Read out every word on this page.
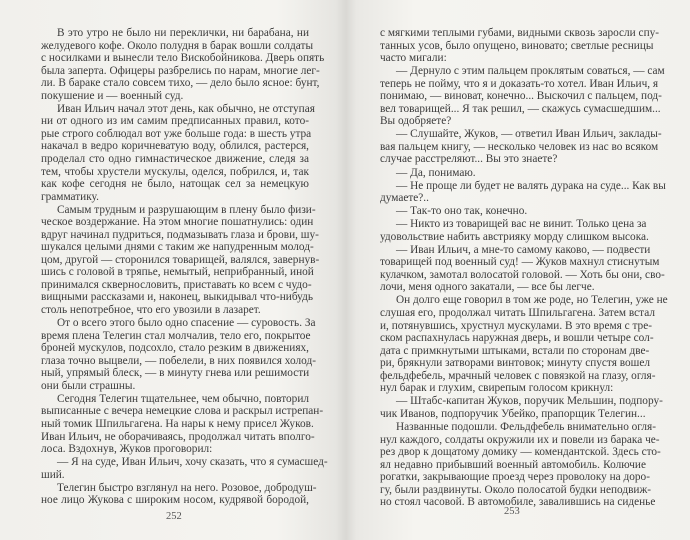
В это утро не было ни переклички, ни барабана, ни
желудевого кофе. Около полудня в барак вошли солдаты
с носилками и вынесли тело Вискобойникова. Дверь опять
была заперта. Офицеры разбрелись по нарам, многие лег-
ли. В бараке стало совсем тихо, — дело было ясное: бунт,
покушение и — военный суд.
Иван Ильич начал этот день, как обычно, не отступая
ни от одного из им самим предписанных правил, кото-
рые строго соблюдал вот уже больше года: в шесть утра
накачал в ведро коричневатую воду, облился, растерся,
проделал сто одно гимнастическое движение, следя за
тем, чтобы хрустели мускулы, оделся, побрился, и, так
как кофе сегодня не было, натощак сел за немецкую
грамматику.
Самым трудным и разрушающим в плену было физи-
ческое воздержание. На этом многие пошатнулись: один
вдруг начинал пудриться, подмазывать глаза и брови, шу-
шукался целыми днями с таким же напудренным молод-
цом, другой — сторонился товарищей, валялся, завернув-
шись с головой в тряпье, немытый, неприбранный, иной
принимался сквернословить, приставать ко всем с чудо-
вищными рассказами и, наконец, выкидывал что-нибудь
столь непотребное, что его увозили в лазарет.
От о всего этого было одно спасение — суровость. За
время плена Телегин стал молчалив, тело его, покрытое
броней мускулов, подсохло, стало резким в движениях,
глаза точно выцвели, — побелели, в них появился холод-
ный, упрямый блеск, — в минуту гнева или решимости
они были страшны.
Сегодня Телегин тщательнее, чем обычно, повторил
выписанные с вечера немецкие слова и раскрыл истрепан-
ный томик Шпильгагена. На нары к нему присел Жуков.
Иван Ильич, не оборачиваясь, продолжал читать вполго-
лоса. Вздохнув, Жуков проговорил:
— Я на суде, Иван Ильич, хочу сказать, что я сумасшед-
ший.
Телегин быстро взглянул на него. Розовое, добродуш-
ное лицо Жукова с широким носом, кудрявой бородой,
252
с мягкими теплыми губами, видными сквозь заросли спу-
танных усов, было опущено, виновато; светлые ресницы
часто мигали:
— Дернуло с этим пальцем проклятым соваться, — сам
теперь не пойму, что я и доказать-то хотел. Иван Ильич, я
понимаю, — виноват, конечно... Выскочил с пальцем, под-
вел товарищей... Я так решил, — скажусь сумасшедшим...
Вы одобряете?
— Слушайте, Жуков, — ответил Иван Ильич, заклады-
вая пальцем книгу, — несколько человек из нас во всяком
случае расстреляют... Вы это знаете?
— Да, понимаю.
— Не проще ли будет не валять дурака на суде... Как вы
думаете?..
— Так-то оно так, конечно.
— Никто из товарищей вас не винит. Только цена за
удовольствие набить австрияку морду слишком высока.
— Иван Ильич, а мне-то самому каково, — подвести
товарищей под военный суд! — Жуков махнул стиснутым
кулачком, замотал волосатой головой. — Хоть бы они, сво-
лочи, меня одного закатали, — все бы легче.
Он долго еще говорил в том же роде, но Телегин, уже не
слушая его, продолжал читать Шпильгагена. Затем встал
и, потянувшись, хрустнул мускулами. В это время с тре-
ском распахнулась наружная дверь, и вошли четыре сол-
дата с примкнутыми штыками, встали по сторонам две-
ри, брякнули затворами винтовок; минуту спустя вошел
фельдфебель, мрачный человек с повязкой на глазу, огля-
нул барак и глухим, свирепым голосом крикнул:
— Штабс-капитан Жуков, поручик Мельшин, подпору-
чик Иванов, подпоручик Убейко, прапорщик Телегин...
Названные подошли. Фельдфебель внимательно огля-
нул каждого, солдаты окружили их и повели из барака че-
рез двор к дощатому домику — комендантской. Здесь сто-
ял недавно прибывший военный автомобиль. Колючие
рогатки, закрывающие проезд через проволоку на доро-
гу, были раздвинуты. Около полосатой будки неподвиж-
но стоял часовой. В автомобиле, завалившись на сиденье
253
